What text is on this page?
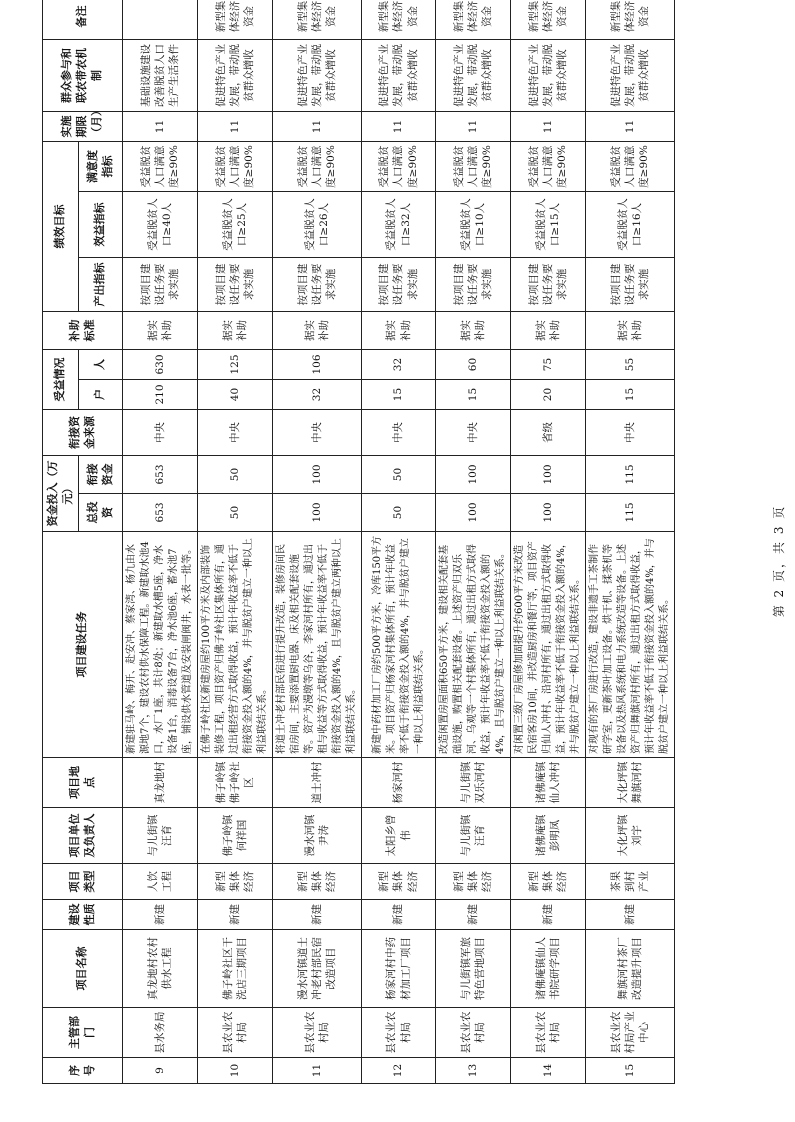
序号	主管部门	项目名称	建设性质	项目类型	项目单位及负责人	项目地点	项目建设任务	资金投入（万元）		衔接资金来源	受益情况		补助标准	绩效目标			实施期限（月）	群众参与和联农带农机制	备注
								总投资	衔接资金		户	人		产出指标	效益指标	满意度指标			
9	县水务局	真龙地村农村供水工程	新建	人饮工程	与儿街镇汪育	真龙地村	新建驻马岭、梅开、赴安冲、蔡家湾、杨九由水源地7个，建设农村供水保障工程。新建取水池4口，水厂1座，共计8处；新建取水槽5座，净水设备1台，消毒设备7台，净水池6座，蓄水池7座，铺设供水管道及安装闸阀井，水表一批等。	653	653	中央	210	630	据实补助	按项目建设任务要求实施	受益脱贫人口≥40人	受益脱贫人口满意度≥90%	11	基础设施建设改善脱贫人口生产生活条件	
10	县农业农村局	佛子岭社区干洗店三期项目	新建	新型集体经济	佛子岭镇何祥国	佛子岭镇佛子岭社区	在佛子岭社区新建房屋约100平方米及内部装饰装修工程，项目资产归佛子岭社区集体所有，通过出租经营方式取得收益，预计年收益率不低于衔接资金投入额的4%，并与脱贫户建立一种以上利益联结关系。	50	50	中央	40	125	据实补助	按项目建设任务要求实施	受益脱贫人口≥25人	受益脱贫人口满意度≥90%	11	促进特色产业发展，带动脱贫群众增收	新型集体经济资金
11	县农业农村局	漫水河镇道士冲老村部民宿改造项目	新建	新型集体经济	漫水河镇尹涛	道士冲村	将道士冲老村部民宿进行提升改造，装修房间民宿房间，主要添置厨电器、床及相关配套设施等。资产为漫墩等乌谷，李家河村所有，通过出租与收益等方式取得收益，预计年收益率不低于衔接资金投入额的4%，且与脱贫户建立两种以上利益联结关系。	100	100	中央	32	106	据实补助	按项目建设任务要求实施	受益脱贫人口≥26人	受益脱贫人口满意度≥90%	11	促进特色产业发展，带动脱贫群众增收	新型集体经济资金
12	县农业农村局	杨家河村中药材加工厂项目	新建	新型集体经济	太阳乡曾伟	杨家河村	新建中药材加工厂房约500平方米，冷库150平方米。项目资产归杨家河村集体所有，预计年收益率不低于衔接资金投入额的4%，并与脱贫户建立一种以上利益联结关系。	50	50	中央	15	32	据实补助	按项目建设任务要求实施	受益脱贫人口≥32人	受益脱贫人口满意度≥90%	11	促进特色产业发展，带动脱贫群众增收	新型集体经济资金
13	县农业农村局	与儿街镇军旅特色营地项目	新建	新型集体经济	与儿街镇汪育	与儿街镇双乐河村	改造闲置房屋面积650平方米，建设相关配套基础设施，购置相关配套设备。上述资产归双乐河、乌观等一个村集体所有，通过出租方式取得收益，预计年收益率不低于衔接资金投入额的4%，且与脱贫户建立一种以上利益联结关系。	100	100	中央	15	60	据实补助	按项目建设任务要求实施	受益脱贫人口≥10人	受益脱贫人口满意度≥90%	11	促进特色产业发展，带动脱贫群众增收	新型集体经济资金
14	县农业农村局	诸佛庵镇仙人书院研学项目	新建	新型集体经济	诸佛庵镇彭明凤	诸佛庵镇仙人冲村	对闲置三级厂房屋修加固提升约600平方米改造民宿客房10间，并改造厨房和餐厅等，项目资产归仙人冲村、沿河村所有，通过出租方式取得收益，预计年收益率不低于衔接资金投入额的4%，并与脱贫户建立一种以上利益联结关系。	100	100	省级	20	75	据实补助	按项目建设任务要求实施	受益脱贫人口≥15人	受益脱贫人口满意度≥90%	11	促进特色产业发展，带动脱贫群众增收	新型集体经济资金
15	县农业农村局产业中心	舞旗河村茶厂改造提升项目	新建	茶果到村产业	大化坪镇刘宇	大化坪镇舞旗河村	对现有的茶厂房进行改造，建设非遗手工茶制作研学室，更新茶叶加工设备。烘干机、揉茶机等设备以及热风系统和电力系统改造等设备。上述资产归舞旗河村所有，通过出租方式取得收益，预计年收益率不低于衔接资金投入额的4%，并与脱贫户建立一种以上利益联结关系。	115	115	中央	15	55	据实补助	按项目建设任务要求实施	受益脱贫人口≥16人	受益脱贫人口满意度≥90%	11	促进特色产业发展，带动脱贫群众增收	新型集体经济资金
第 2 页，共 3 页
